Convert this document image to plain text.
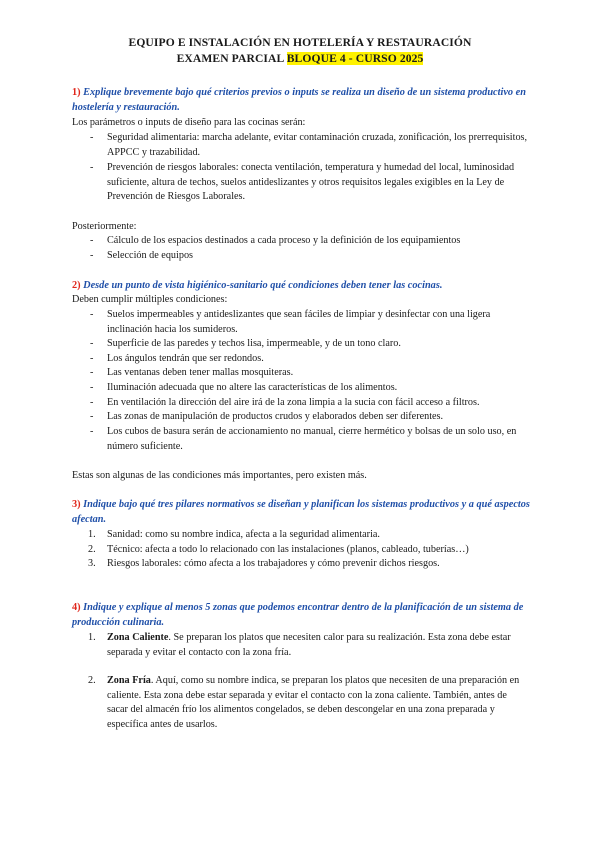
EQUIPO E INSTALACIÓN EN HOTELERÍA Y RESTAURACIÓN
EXAMEN PARCIAL BLOQUE 4 - CURSO 2025
1) Explique brevemente bajo qué criterios previos o inputs se realiza un diseño de un sistema productivo en hostelería y restauración.
Los parámetros o inputs de diseño para las cocinas serán:
- Seguridad alimentaria: marcha adelante, evitar contaminación cruzada, zonificación, los prerrequisitos, APPCC y trazabilidad.
- Prevención de riesgos laborales: conecta ventilación, temperatura y humedad del local, luminosidad suficiente, altura de techos, suelos antideslizantes y otros requisitos legales exigibles en la Ley de Prevención de Riesgos Laborales.
Posteriormente:
- Cálculo de los espacios destinados a cada proceso y la definición de los equipamientos
- Selección de equipos
2) Desde un punto de vista higiénico-sanitario qué condiciones deben tener las cocinas.
Deben cumplir múltiples condiciones:
- Suelos impermeables y antideslizantes que sean fáciles de limpiar y desinfectar con una ligera inclinación hacia los sumideros.
- Superficie de las paredes y techos lisa, impermeable, y de un tono claro.
- Los ángulos tendrán que ser redondos.
- Las ventanas deben tener mallas mosquiteras.
- Iluminación adecuada que no altere las características de los alimentos.
- En ventilación la dirección del aire irá de la zona limpia a la sucia con fácil acceso a filtros.
- Las zonas de manipulación de productos crudos y elaborados deben ser diferentes.
- Los cubos de basura serán de accionamiento no manual, cierre hermético y bolsas de un solo uso, en número suficiente.
Estas son algunas de las condiciones más importantes, pero existen más.
3) Indique bajo qué tres pilares normativos se diseñan y planifican los sistemas productivos y a qué aspectos afectan.
1. Sanidad: como su nombre indica, afecta a la seguridad alimentaria.
2. Técnico: afecta a todo lo relacionado con las instalaciones (planos, cableado, tuberías…)
3. Riesgos laborales: cómo afecta a los trabajadores y cómo prevenir dichos riesgos.
4) Indique y explique al menos 5 zonas que podemos encontrar dentro de la planificación de un sistema de producción culinaria.
1. Zona Caliente. Se preparan los platos que necesiten calor para su realización. Esta zona debe estar separada y evitar el contacto con la zona fría.
2. Zona Fría. Aquí, como su nombre indica, se preparan los platos que necesiten de una preparación en caliente. Esta zona debe estar separada y evitar el contacto con la zona caliente. También, antes de sacar del almacén frío los alimentos congelados, se deben descongelar en una zona preparada y específica antes de usarlos.
